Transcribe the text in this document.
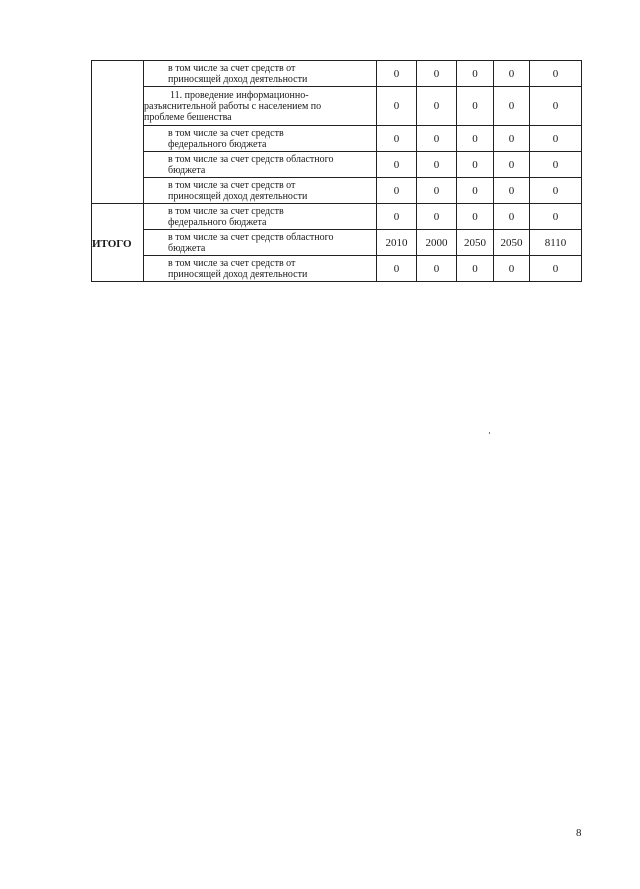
	в том числе за счет средств от
приносящей доход деятельности	0	0	0	0	0

	11. проведение информационно-
разъяснительной работы с населением по
проблеме бешенства	0	0	0	0	0

	в том числе за счет средств
федерального бюджета	0	0	0	0	0

	в том числе за счет средств областного
бюджета	0	0	0	0	0

	в том числе за счет средств от
приносящей доход деятельности	0	0	0	0	0

ИТОГО	в том числе за счет средств
федерального бюджета	0	0	0	0	0

	в том числе за счет средств областного
бюджета	2010	2000	2050	2050	8110

	в том числе за счет средств от
приносящей доход деятельности	0	0	0	0	0
8
